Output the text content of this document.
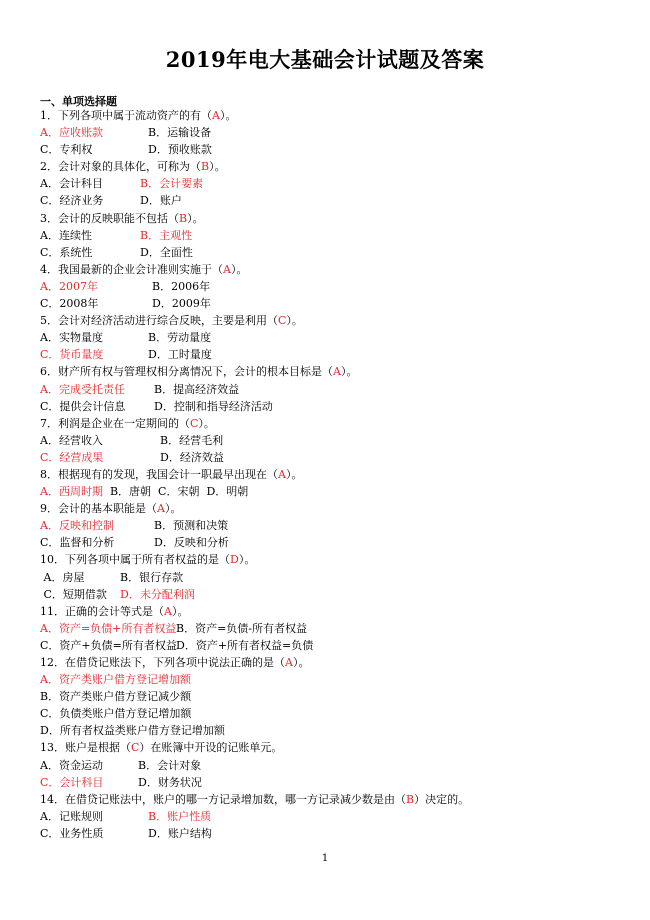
2019年电大基础会计试题及答案
一、单项选择题
1．下列各项中属于流动资产的有（A）。
A．应收账款	B．运输设备
C．专利权	D．预收账款
2．会计对象的具体化，可称为（B）。
A．会计科目	B．会计要素
C．经济业务	D．账户
3．会计的反映职能不包括（B）。
A．连续性	B．主观性
C．系统性	D．全面性
4．我国最新的企业会计准则实施于（A）。
A．2007年	B．2006年
C．2008年	D．2009年
5．会计对经济活动进行综合反映，主要是利用（C）。
A．实物量度	B．劳动量度
C．货币量度	D．工时量度
6．财产所有权与管理权相分离情况下，会计的根本目标是（A）。
A．完成受托责任	B．提高经济效益
C．提供会计信息	D．控制和指导经济活动
7．利润是企业在一定期间的（C）。
A．经营收入	B．经营毛利
C．经营成果	D．经济效益
8．根据现有的发现，我国会计一职最早出现在（A）。
A．西周时期  B．唐朝  C．宋朝  D．明朝
9．会计的基本职能是（A）。
A．反映和控制	B．预测和决策
C．监督和分析	D．反映和分析
10．下列各项中属于所有者权益的是（D）。
A．房屋	B．银行存款
C．短期借款 D．未分配利润
11．正确的会计等式是（A）。
A．资产=负债+所有者权益 B．资产=负债-所有者权益
C．资产+负债=所有者权益 D．资产+所有者权益=负债
12．在借贷记账法下，下列各项中说法正确的是（A）。
A．资产类账户借方登记增加额
B．资产类账户借方登记减少额
C．负债类账户借方登记增加额
D．所有者权益类账户借方登记增加额
13．账户是根据（C）在账簿中开设的记账单元。
A．资金运动	B．会计对象
C．会计科目	D．财务状况
14．在借贷记账法中，账户的哪一方记录增加数，哪一方记录减少数是由（B）决定的。
A．记账规则	B．账户性质
C．业务性质	D．账户结构
1
